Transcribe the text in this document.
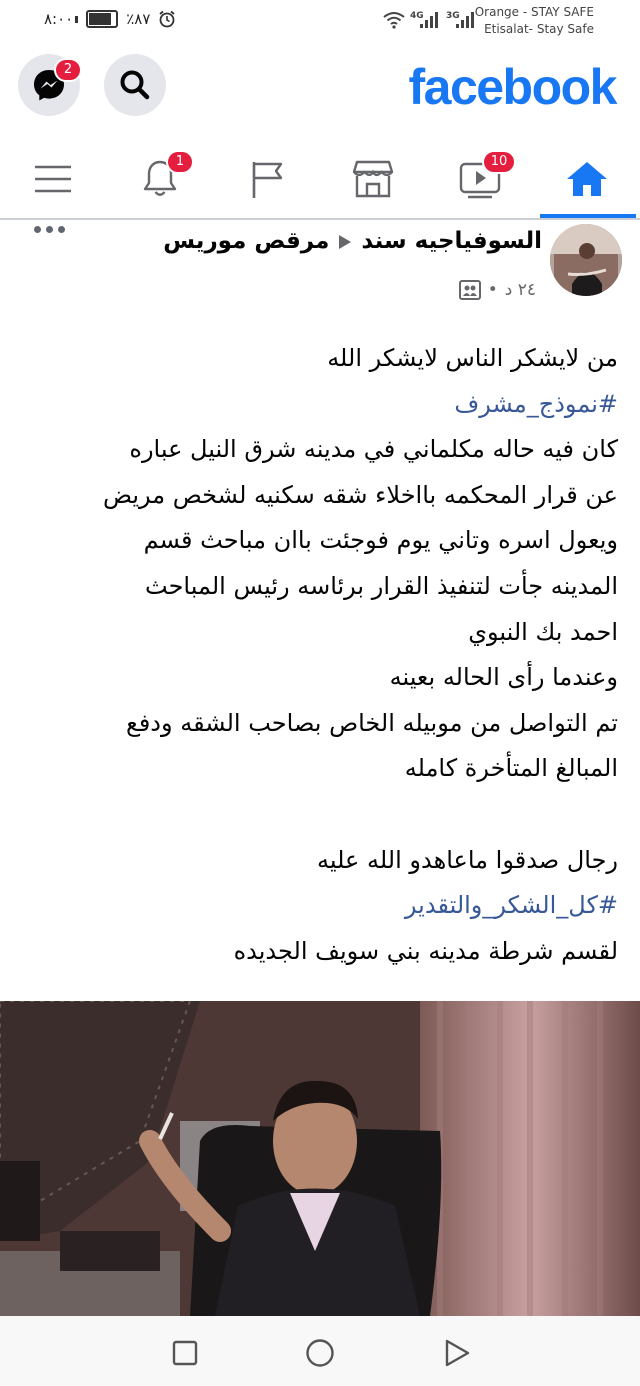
٨:٠٠	٪٨٧	4G 3G Orange - STAY SAFE
Etisalat- Stay Safe
2	facebook
1	10
السوفياجيه سندمرقص موريس
٢٤ د
•

من لايشكر الناس لايشكر الله

#نموذج_مشرف

كان فيه حاله مكلماني في مدينه شرق النيل عباره

عن قرار المحكمه بااخلاء شقه سكنيه لشخص مريض

ويعول اسره وتاني يوم فوجئت باان مباحث قسم

المدينه جأت لتنفيذ القرار برئاسه رئيس المباحث

احمد بك النبوي

وعندما رأى الحاله بعينه

تم التواصل من موبيله الخاص بصاحب الشقه ودفع

المبالغ المتأخرة كامله

رجال صدقوا ماعاهدو الله عليه

#كل_الشكر_والتقدير

لقسم شرطة مدينه بني سويف الجديده
